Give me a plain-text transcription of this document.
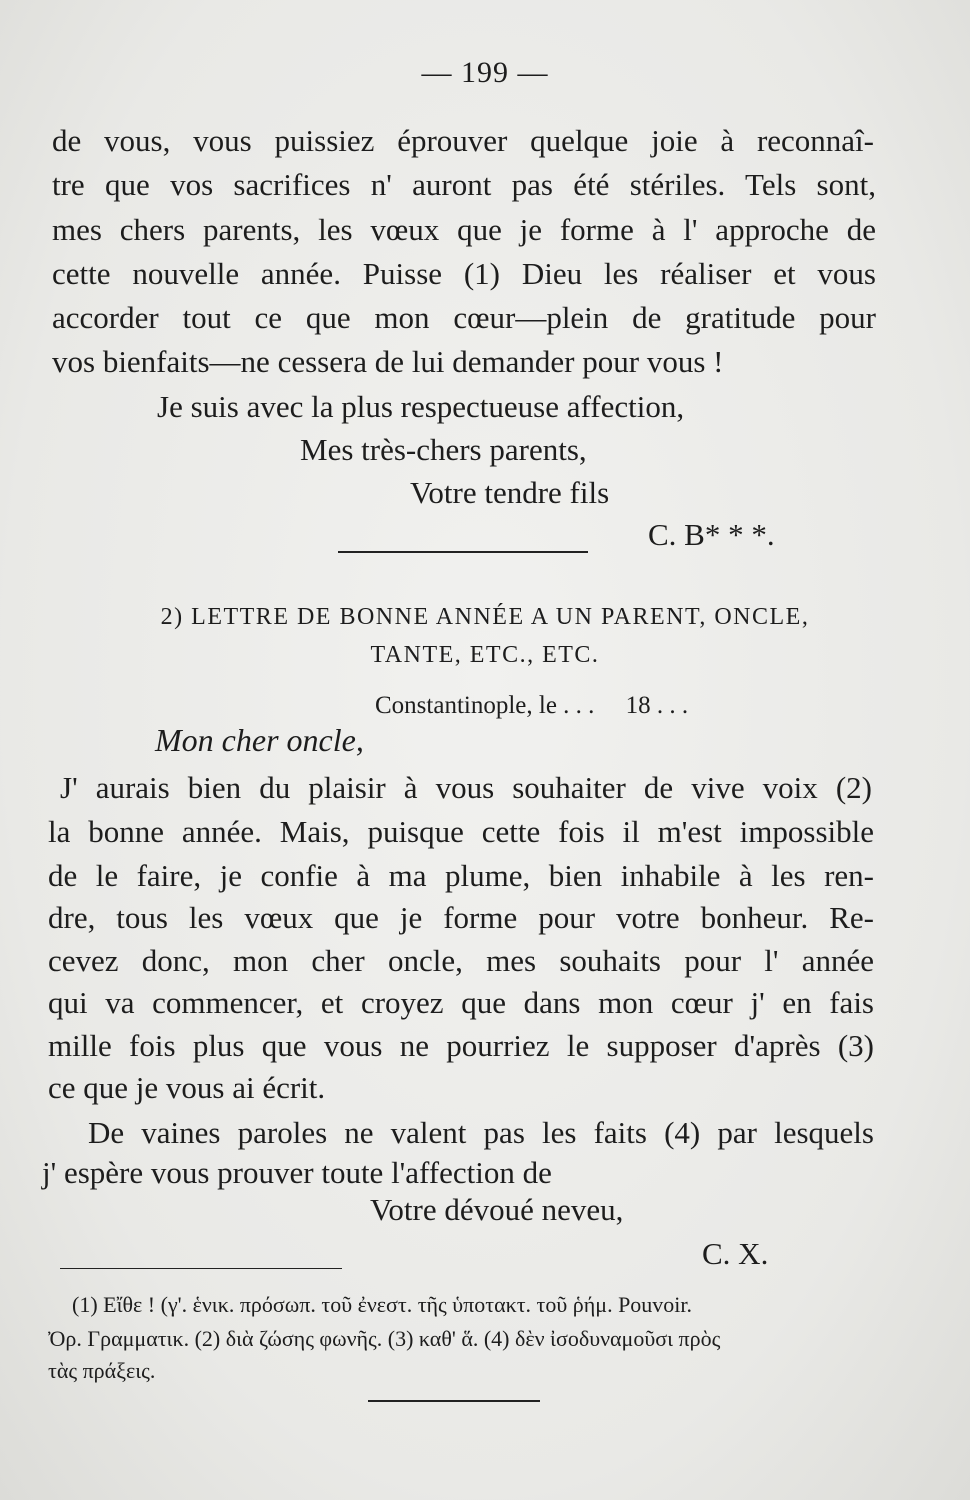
— 199 —
de vous, vous puissiez éprouver quelque joie à reconnaî-
tre que vos sacrifices n' auront pas été stériles. Tels sont,
mes chers parents, les vœux que je forme à l' approche de
cette nouvelle année. Puisse (1) Dieu les réaliser et vous
accorder tout ce que mon cœur—plein de gratitude pour
vos bienfaits—ne cessera de lui demander pour vous !
Je suis avec la plus respectueuse affection,
Mes très-chers parents,
Votre tendre fils
C. B* * *.
2) LETTRE DE BONNE ANNÉE A UN PARENT, ONCLE,
TANTE, ETC., ETC.
Constantinople, le . . .     18 . . .
Mon cher oncle,
J' aurais bien du plaisir à vous souhaiter de vive voix (2)
la bonne année. Mais, puisque cette fois il m'est impossible
de le faire, je confie à ma plume, bien inhabile à les ren-
dre, tous les vœux que je forme pour votre bonheur. Re-
cevez donc, mon cher oncle, mes souhaits pour l' année
qui va commencer, et croyez que dans mon cœur j' en fais
mille fois plus que vous ne pourriez le supposer d'après (3)
ce que je vous ai écrit.
De vaines paroles ne valent pas les faits (4) par lesquels
j' espère vous prouver toute l'affection de
Votre dévoué neveu,
C. X.
(1) Εἴθε ! (γ'. ἑνικ. πρόσωπ. τοῦ ἐνεστ. τῆς ὑποτακτ. τοῦ ῥήμ. Pouvoir.
Ὀρ. Γραμματικ. (2) διὰ ζώσης φωνῆς. (3) καθ' ἅ. (4) δὲν ἰσοδυναμοῦσι πρὸς
τὰς πράξεις.
